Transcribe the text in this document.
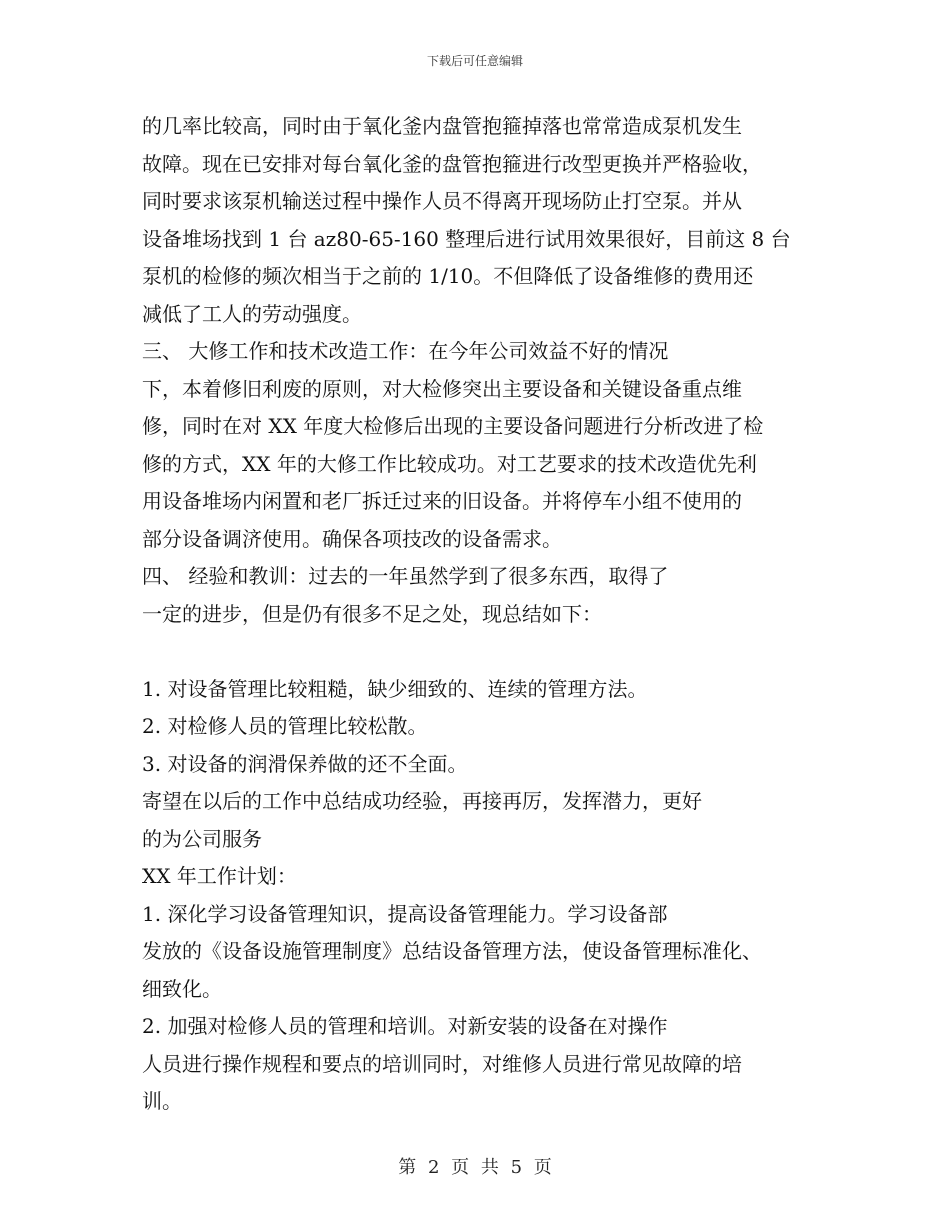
下载后可任意编辑

的几率比较高，同时由于氧化釜内盘管抱箍掉落也常常造成泵机发生

故障。现在已安排对每台氧化釜的盘管抱箍进行改型更换并严格验收，

同时要求该泵机输送过程中操作人员不得离开现场防止打空泵。并从

设备堆场找到 1 台 az80-65-160 整理后进行试用效果很好，目前这 8 台

泵机的检修的频次相当于之前的 1/10。不但降低了设备维修的费用还

减低了工人的劳动强度。

三、 大修工作和技术改造工作：在今年公司效益不好的情况

下，本着修旧利废的原则，对大检修突出主要设备和关键设备重点维

修，同时在对 XX 年度大检修后出现的主要设备问题进行分析改进了检

修的方式，XX 年的大修工作比较成功。对工艺要求的技术改造优先利

用设备堆场内闲置和老厂拆迁过来的旧设备。并将停车小组不使用的

部分设备调济使用。确保各项技改的设备需求。

四、 经验和教训：过去的一年虽然学到了很多东西，取得了

一定的进步，但是仍有很多不足之处，现总结如下：

1. 对设备管理比较粗糙，缺少细致的、连续的管理方法。

2. 对检修人员的管理比较松散。

3. 对设备的润滑保养做的还不全面。

寄望在以后的工作中总结成功经验，再接再厉，发挥潜力，更好

的为公司服务

XX 年工作计划：

1. 深化学习设备管理知识，提高设备管理能力。学习设备部

发放的《设备设施管理制度》总结设备管理方法，使设备管理标准化、

细致化。

2. 加强对检修人员的管理和培训。对新安装的设备在对操作

人员进行操作规程和要点的培训同时，对维修人员进行常见故障的培

训。

第 2 页 共 5 页
